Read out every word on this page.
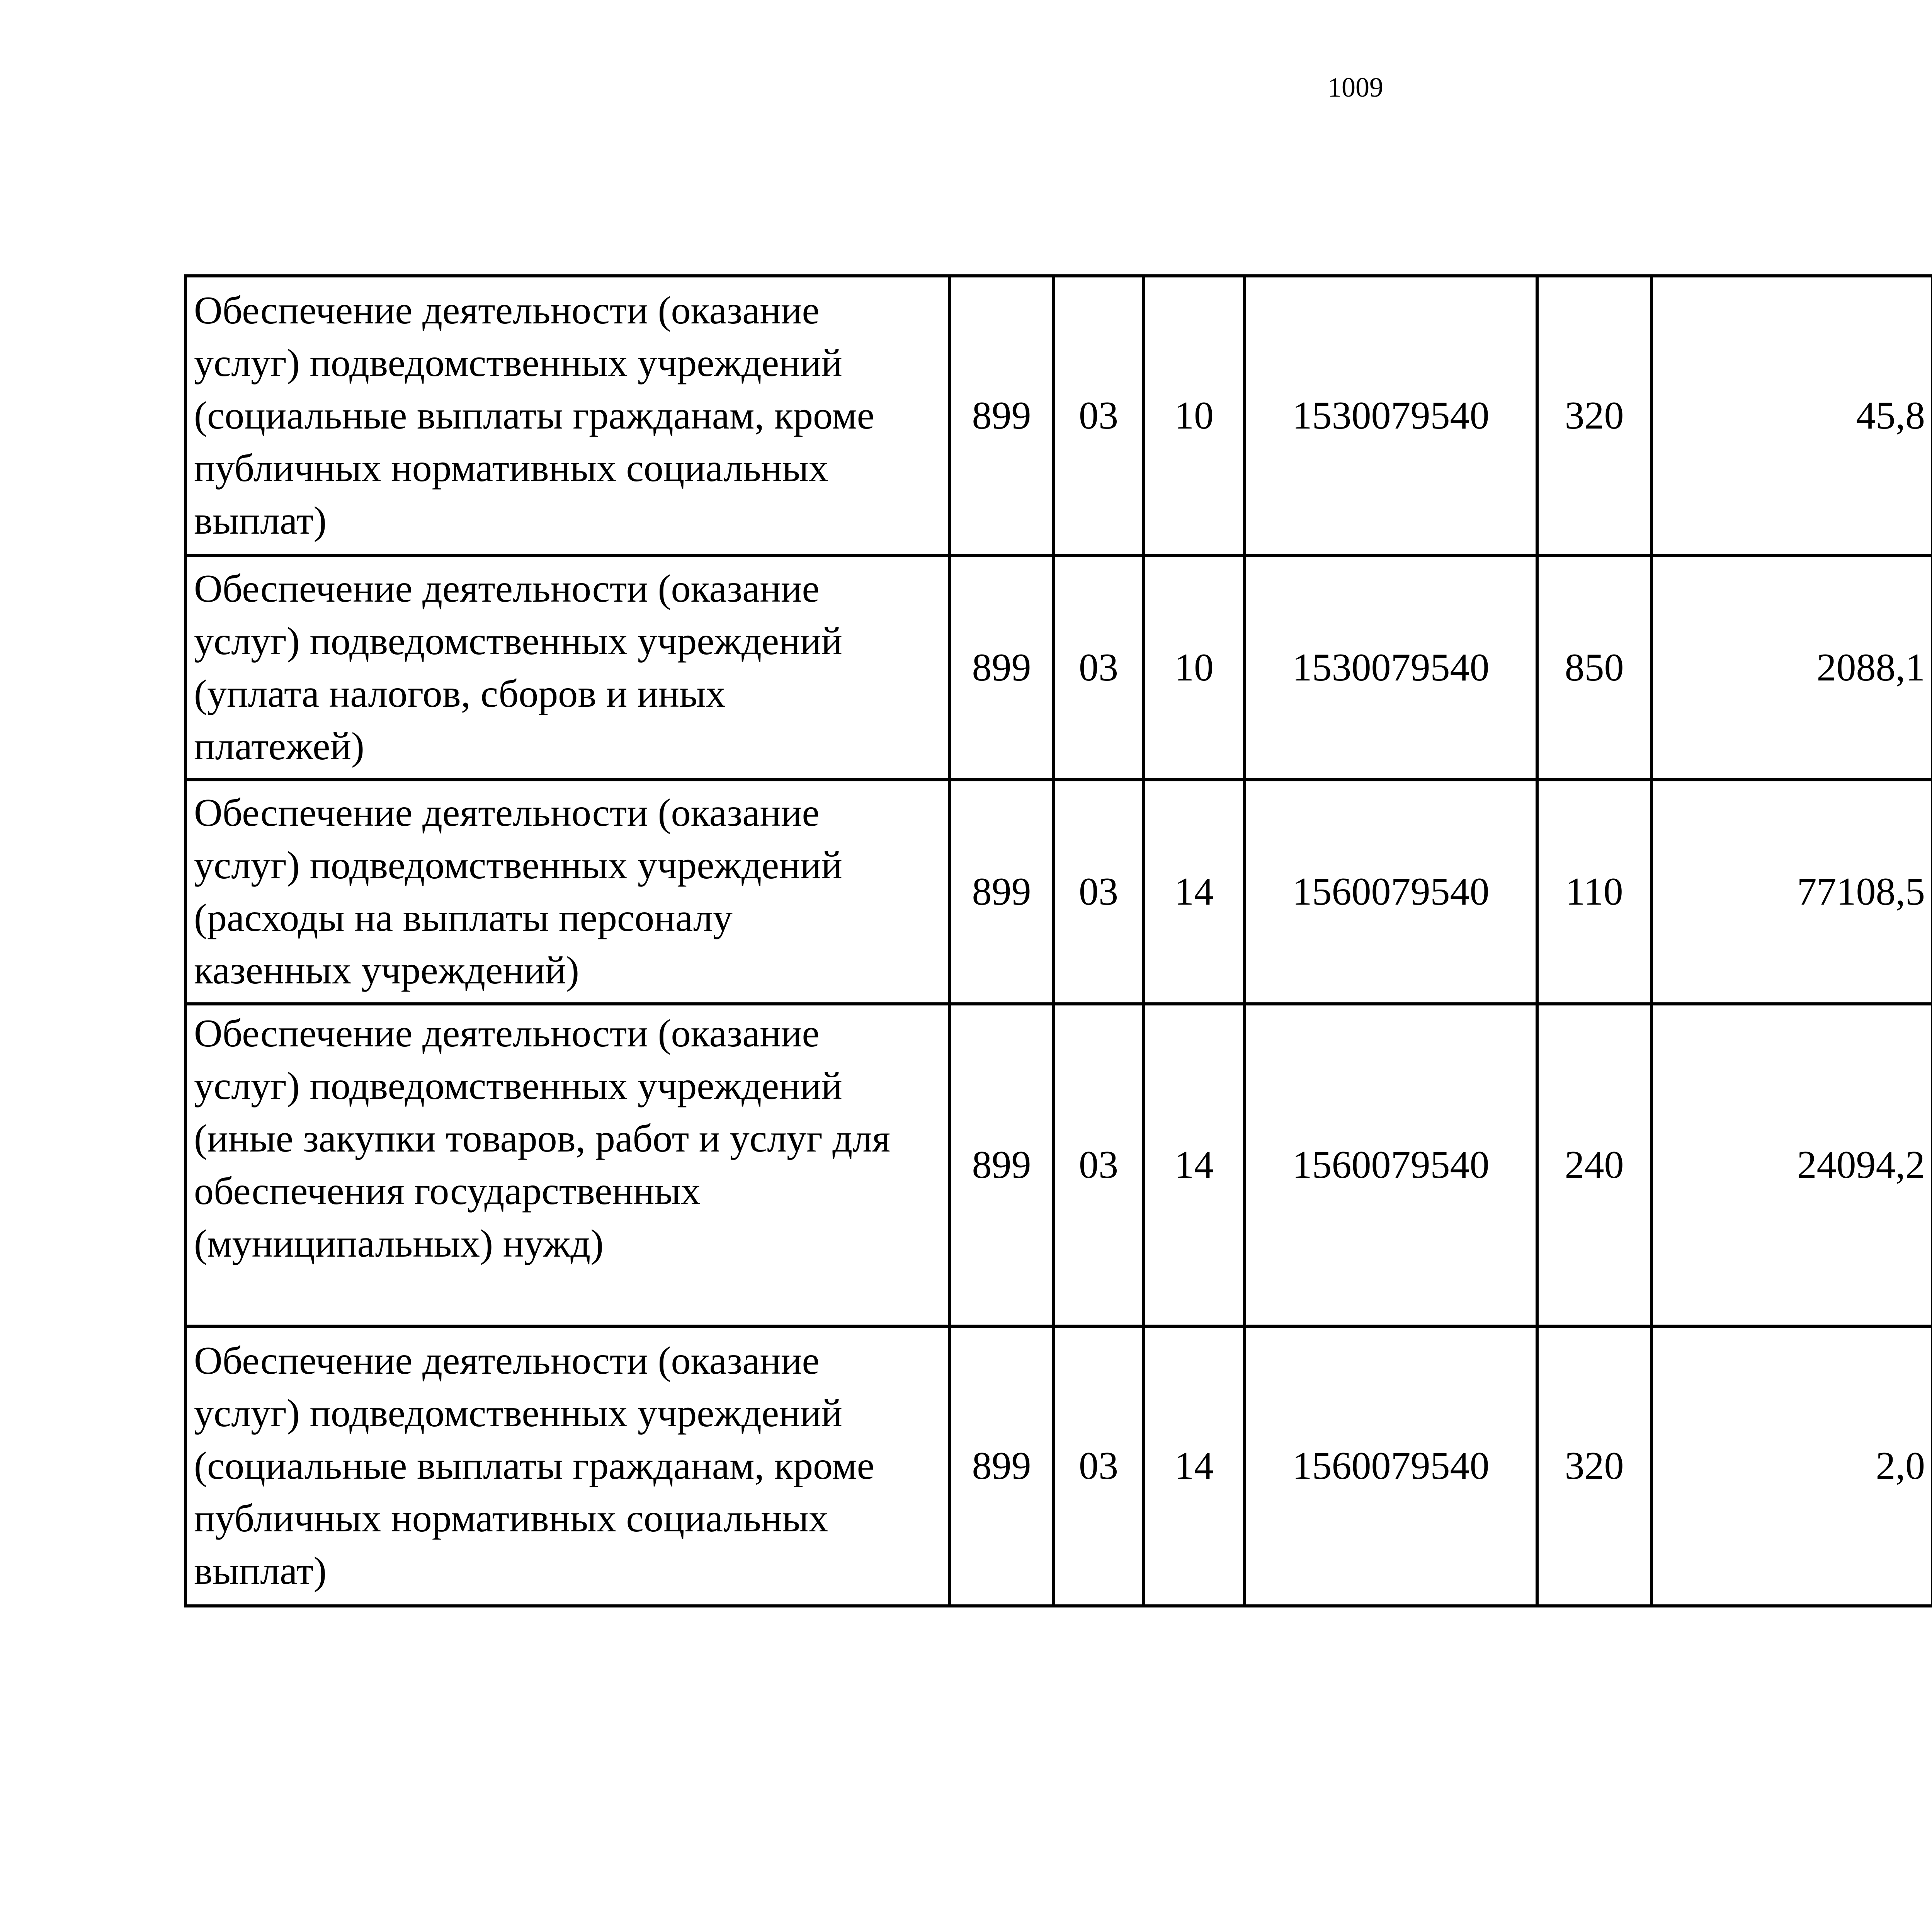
1009
Обеспечение деятельности (оказание
услуг) подведомственных учреждений
(социальные выплаты гражданам, кроме
публичных нормативных социальных
выплат)	899	03	10	1530079540	320	45,8		

Обеспечение деятельности (оказание
услуг) подведомственных учреждений
(уплата налогов, сборов и иных
платежей)	899	03	10	1530079540	850	2088,1		

Обеспечение деятельности (оказание
услуг) подведомственных учреждений
(расходы на выплаты персоналу
казенных учреждений)	899	03	14	1560079540	110	77108,5		

Обеспечение деятельности (оказание
услуг) подведомственных учреждений
(иные закупки товаров, работ и услуг для
обеспечения государственных
(муниципальных) нужд)	899	03	14	1560079540	240	24094,2		

Обеспечение деятельности (оказание
услуг) подведомственных учреждений
(социальные выплаты гражданам, кроме
публичных нормативных социальных
выплат)	899	03	14	1560079540	320	2,0		
